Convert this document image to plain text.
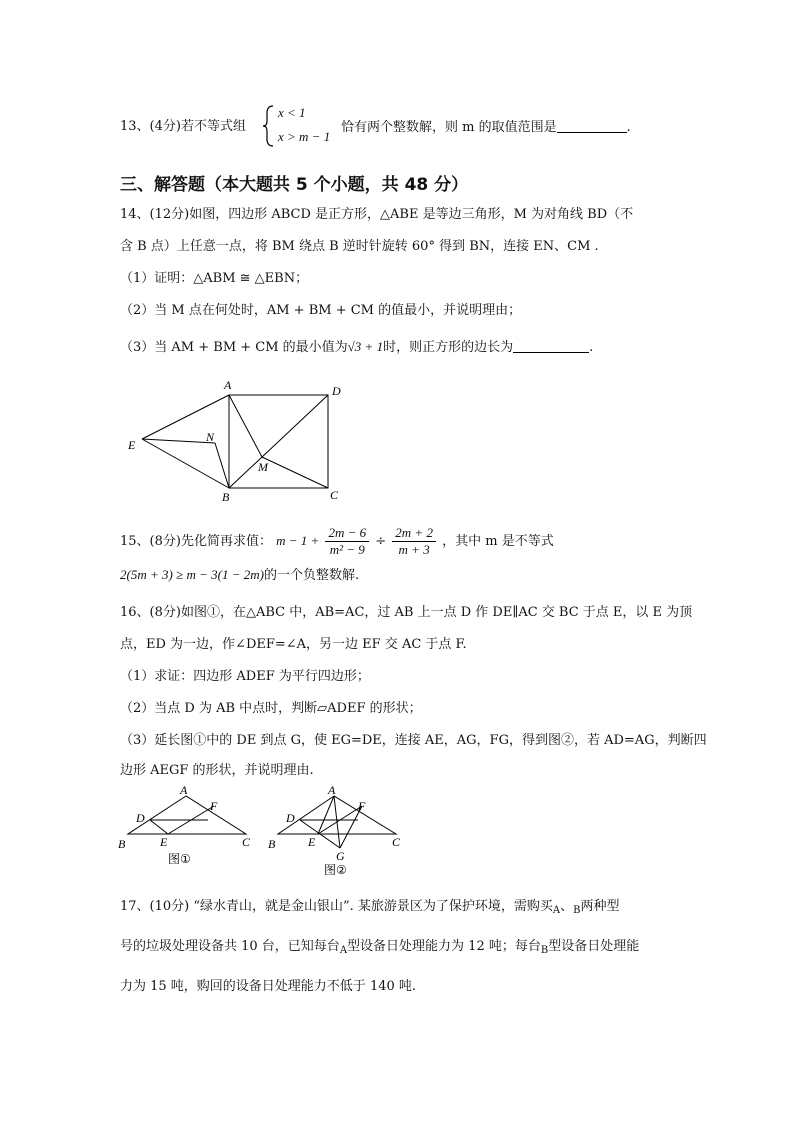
13、(4分)若不等式组
x < 1
x > m − 1
恰有两个整数解，则 m 的取值范围是	.
三、解答题（本大题共 5 个小题，共 48 分）
14、(12分)如图，四边形 ABCD 是正方形，△ABE 是等边三角形，M 为对角线 BD（不
含 B 点）上任意一点，将 BM 绕点 B 逆时针旋转 60° 得到 BN，连接 EN、CM .
（1）证明：△ABM ≅ △EBN；
（2）当 M 点在何处时，AM + BM + CM 的值最小，并说明理由；
（3）当 AM + BM + CM 的最小值为√3 + 1时，则正方形的边长为	.
A	D
E
N
M
B	C
15、(8分)先化简再求值： $m - 1 + \frac{2m - 6}{\text{m² − 9}} \div \frac{2m + 2}{m + 3}$ ，其中 m 是不等式
2(5m + 3) ≥ m − 3(1 − 2m)的一个负整数解.
16、(8分)如图①，在△ABC 中，AB=AC，过 AB 上一点 D 作 DE∥AC 交 BC 于点 E，以 E 为顶
点，ED 为一边，作∠DEF=∠A，另一边 EF 交 AC 于点 F.
（1）求证：四边形 ADEF 为平行四边形；
（2）当点 D 为 AB 中点时，判断▱ADEF 的形状；
（3）延长图①中的 DE 到点 G，使 EG=DE，连接 AE，AG，FG，得到图②，若 AD=AG，判断四
边形 AEGF 的形状，并说明理由.
A
F
D
B	E	C
图①
A
F
D
B	E
G
C
图②
17、(10分) “绿水青山，就是金山银山”. 某旅游景区为了保护环境，需购买$_A$、$_B$两种型
号的垃圾处理设备共 10 台，已知每台$_A$型设备日处理能力为 12 吨；每台$_B$型设备日处理能
力为 15 吨，购回的设备日处理能力不低于 140 吨.
